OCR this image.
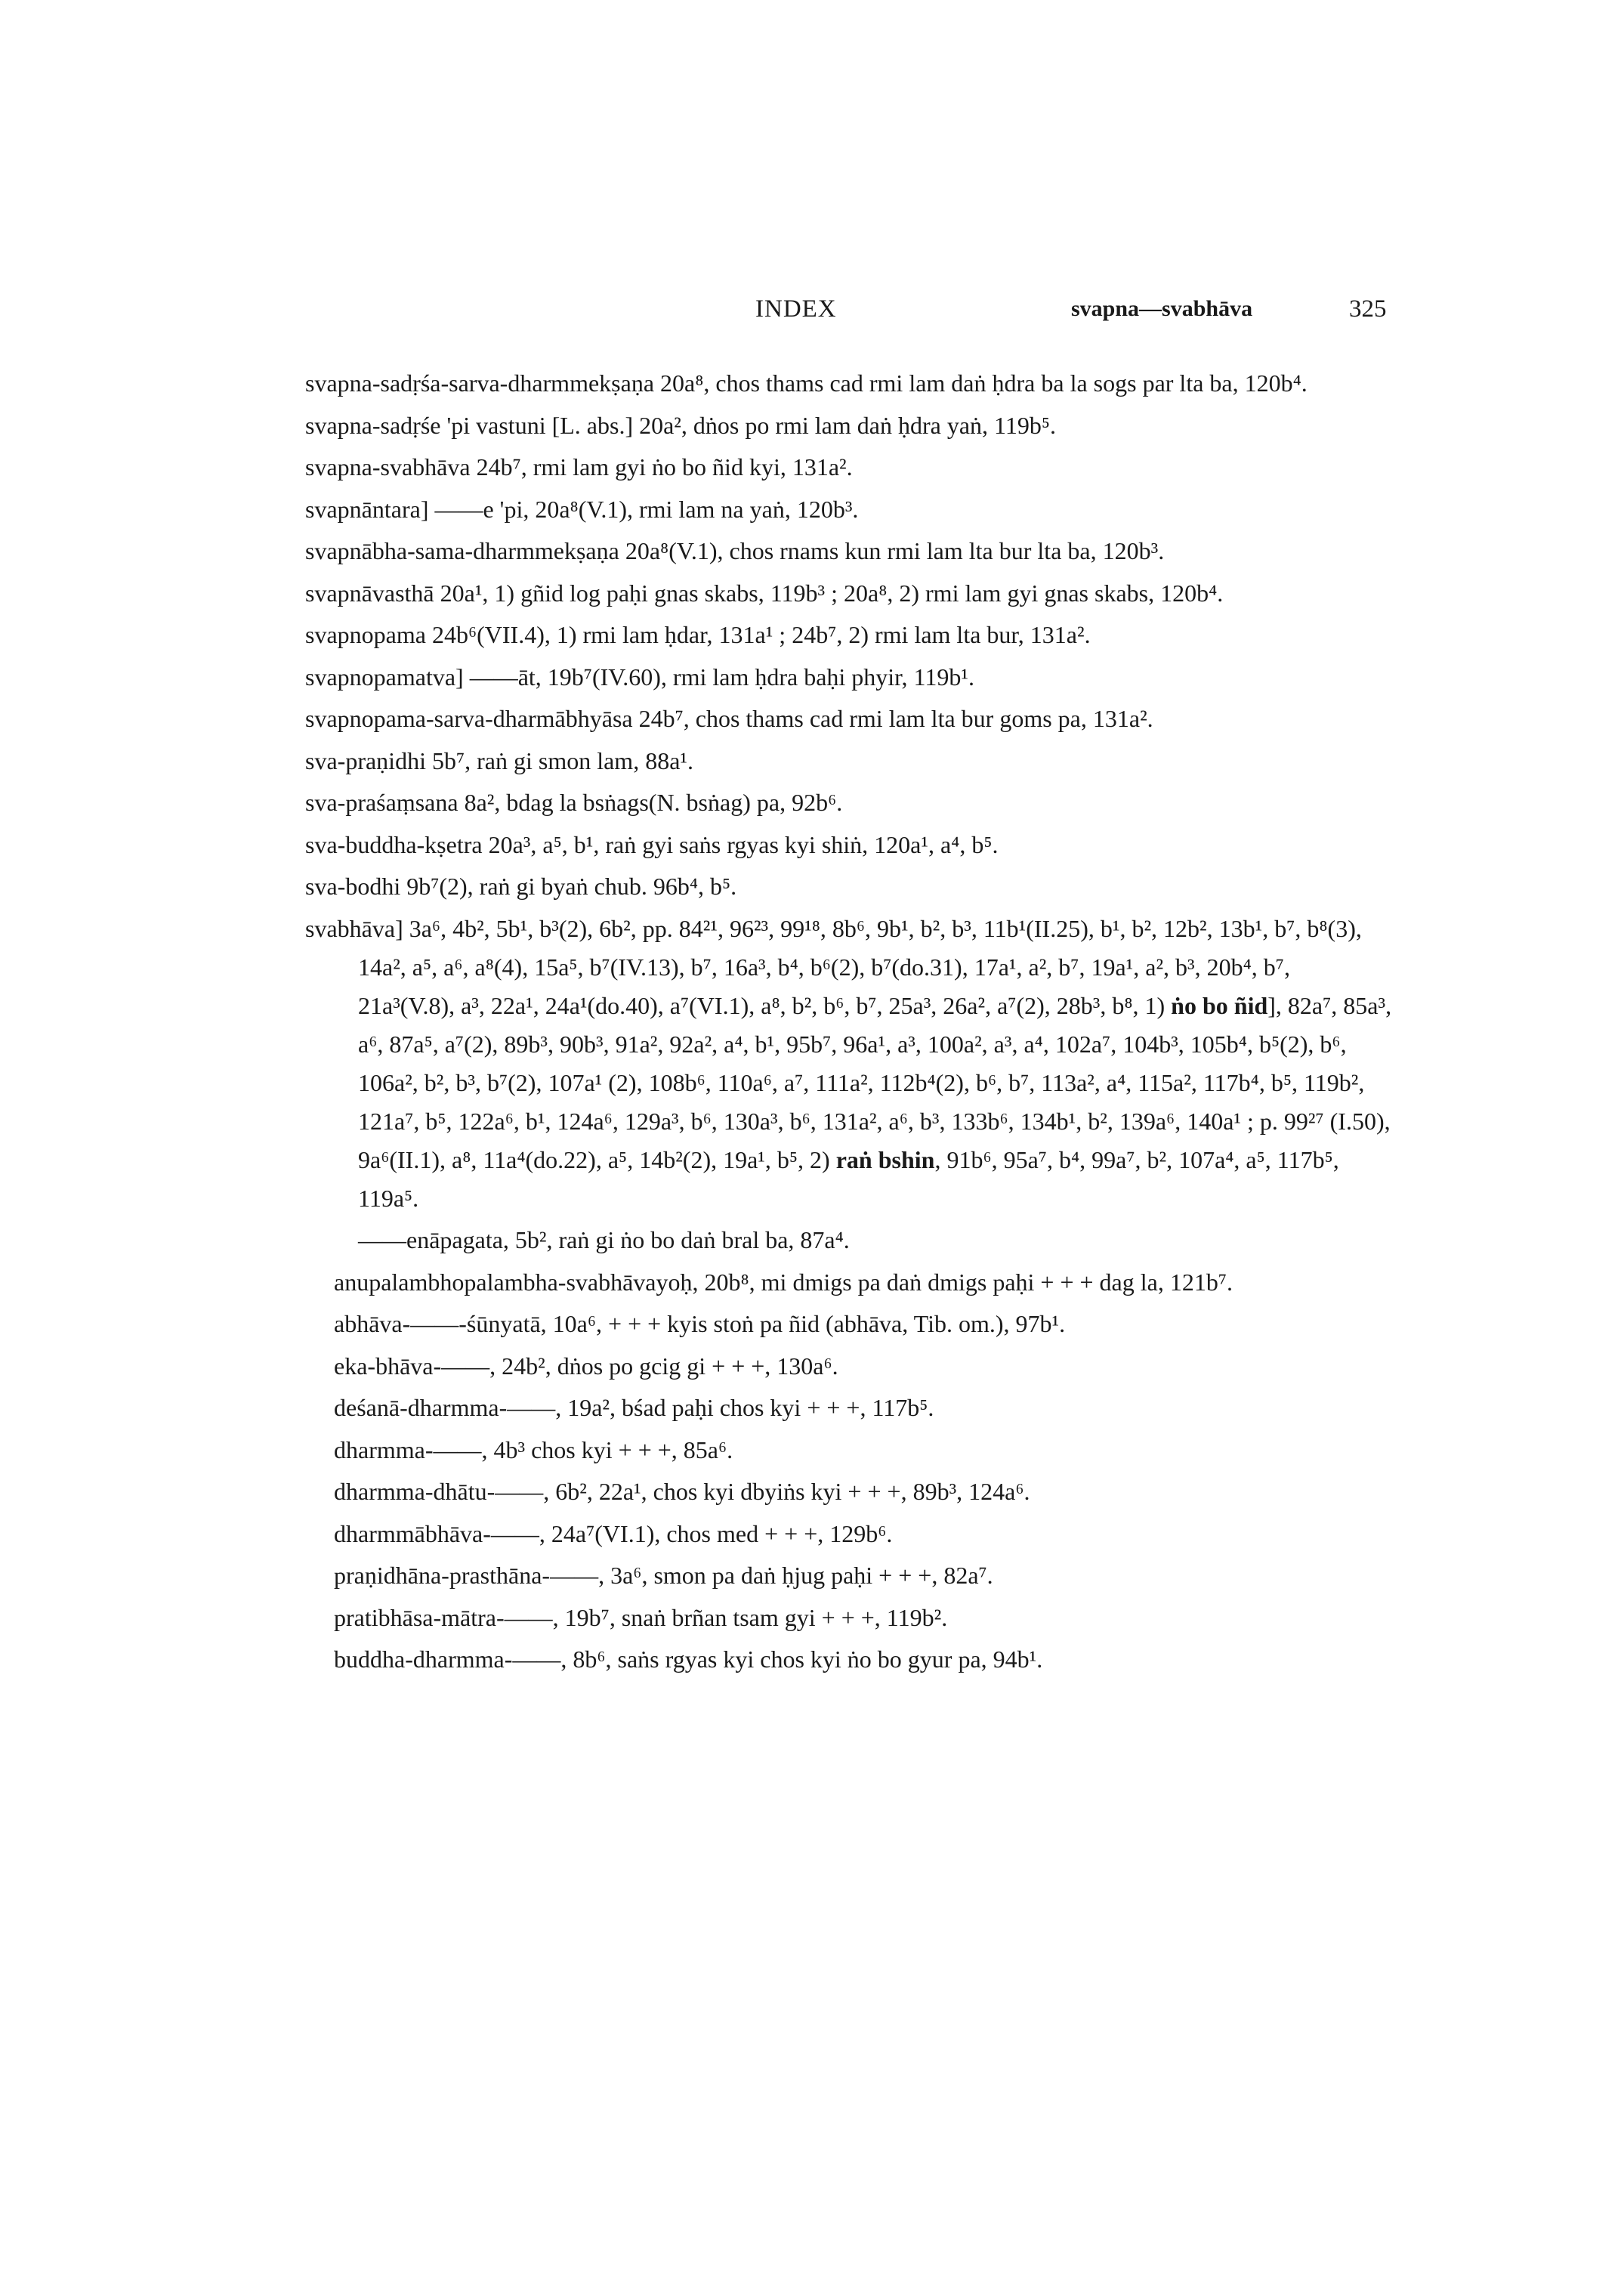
INDEX	svapna—svabhāva	325

svapna-sadṛśa-sarva-dharmmekṣaṇa 20a⁸, chos thams cad rmi lam daṅ ḥdra ba la sogs par lta ba, 120b⁴.

svapna-sadṛśe 'pi vastuni [L. abs.] 20a², dṅos po rmi lam daṅ ḥdra yaṅ, 119b⁵.

svapna-svabhāva 24b⁷, rmi lam gyi ṅo bo ñid kyi, 131a².

svapnāntara] ——e 'pi, 20a⁸(V.1), rmi lam na yaṅ, 120b³.

svapnābha-sama-dharmmekṣaṇa 20a⁸(V.1), chos rnams kun rmi lam lta bur lta ba, 120b³.

svapnāvasthā 20a¹, 1) gñid log paḥi gnas skabs, 119b³ ; 20a⁸, 2) rmi lam gyi gnas skabs, 120b⁴.

svapnopama 24b⁶(VII.4), 1) rmi lam ḥdar, 131a¹ ; 24b⁷, 2) rmi lam lta bur, 131a².

svapnopamatva] ——āt, 19b⁷(IV.60), rmi lam ḥdra baḥi phyir, 119b¹.

svapnopama-sarva-dharmābhyāsa 24b⁷, chos thams cad rmi lam lta bur goms pa, 131a².

sva-praṇidhi 5b⁷, raṅ gi smon lam, 88a¹.

sva-praśaṃsana 8a², bdag la bsṅags(N. bsṅag) pa, 92b⁶.

sva-buddha-kṣetra 20a³, a⁵, b¹, raṅ gyi saṅs rgyas kyi shiṅ, 120a¹, a⁴, b⁵.

sva-bodhi 9b⁷(2), raṅ gi byaṅ chub. 96b⁴, b⁵.

svabhāva] 3a⁶, 4b², 5b¹, b³(2), 6b², pp. 84²¹, 96²³, 99¹⁸, 8b⁶, 9b¹, b², b³, 11b¹(II.25), b¹, b², 12b², 13b¹, b⁷, b⁸(3), 14a², a⁵, a⁶, a⁸(4), 15a⁵, b⁷(IV.13), b⁷, 16a³, b⁴, b⁶(2), b⁷(do.31), 17a¹, a², b⁷, 19a¹, a², b³, 20b⁴, b⁷, 21a³(V.8), a³, 22a¹, 24a¹(do.40), a⁷(VI.1), a⁸, b², b⁶, b⁷, 25a³, 26a², a⁷(2), 28b³, b⁸, 1) ṅo bo ñid], 82a⁷, 85a³, a⁶, 87a⁵, a⁷(2), 89b³, 90b³, 91a², 92a², a⁴, b¹, 95b⁷, 96a¹, a³, 100a², a³, a⁴, 102a⁷, 104b³, 105b⁴, b⁵(2), b⁶, 106a², b², b³, b⁷(2), 107a¹ (2), 108b⁶, 110a⁶, a⁷, 111a², 112b⁴(2), b⁶, b⁷, 113a², a⁴, 115a², 117b⁴, b⁵, 119b², 121a⁷, b⁵, 122a⁶, b¹, 124a⁶, 129a³, b⁶, 130a³, b⁶, 131a², a⁶, b³, 133b⁶, 134b¹, b², 139a⁶, 140a¹ ; p. 99²⁷ (I.50), 9a⁶(II.1), a⁸, 11a⁴(do.22), a⁵, 14b²(2), 19a¹, b⁵, 2) raṅ bshin, 91b⁶, 95a⁷, b⁴, 99a⁷, b², 107a⁴, a⁵, 117b⁵, 119a⁵.

——enāpagata, 5b², raṅ gi ṅo bo daṅ bral ba, 87a⁴.

anupalambhopalambha-svabhāvayoḥ, 20b⁸, mi dmigs pa daṅ dmigs paḥi + + + dag la, 121b⁷.

abhāva-——-śūnyatā, 10a⁶, + + + kyis stoṅ pa ñid (abhāva, Tib. om.), 97b¹.

eka-bhāva-——, 24b², dṅos po gcig gi + + +, 130a⁶.

deśanā-dharmma-——, 19a², bśad paḥi chos kyi + + +, 117b⁵.

dharmma-——, 4b³ chos kyi + + +, 85a⁶.

dharmma-dhātu-——, 6b², 22a¹, chos kyi dbyiṅs kyi + + +, 89b³, 124a⁶.

dharmmābhāva-——, 24a⁷(VI.1), chos med + + +, 129b⁶.

praṇidhāna-prasthāna-——, 3a⁶, smon pa daṅ ḥjug paḥi + + +, 82a⁷.

pratibhāsa-mātra-——, 19b⁷, snaṅ brñan tsam gyi + + +, 119b².

buddha-dharmma-——, 8b⁶, saṅs rgyas kyi chos kyi ṅo bo gyur pa, 94b¹.
